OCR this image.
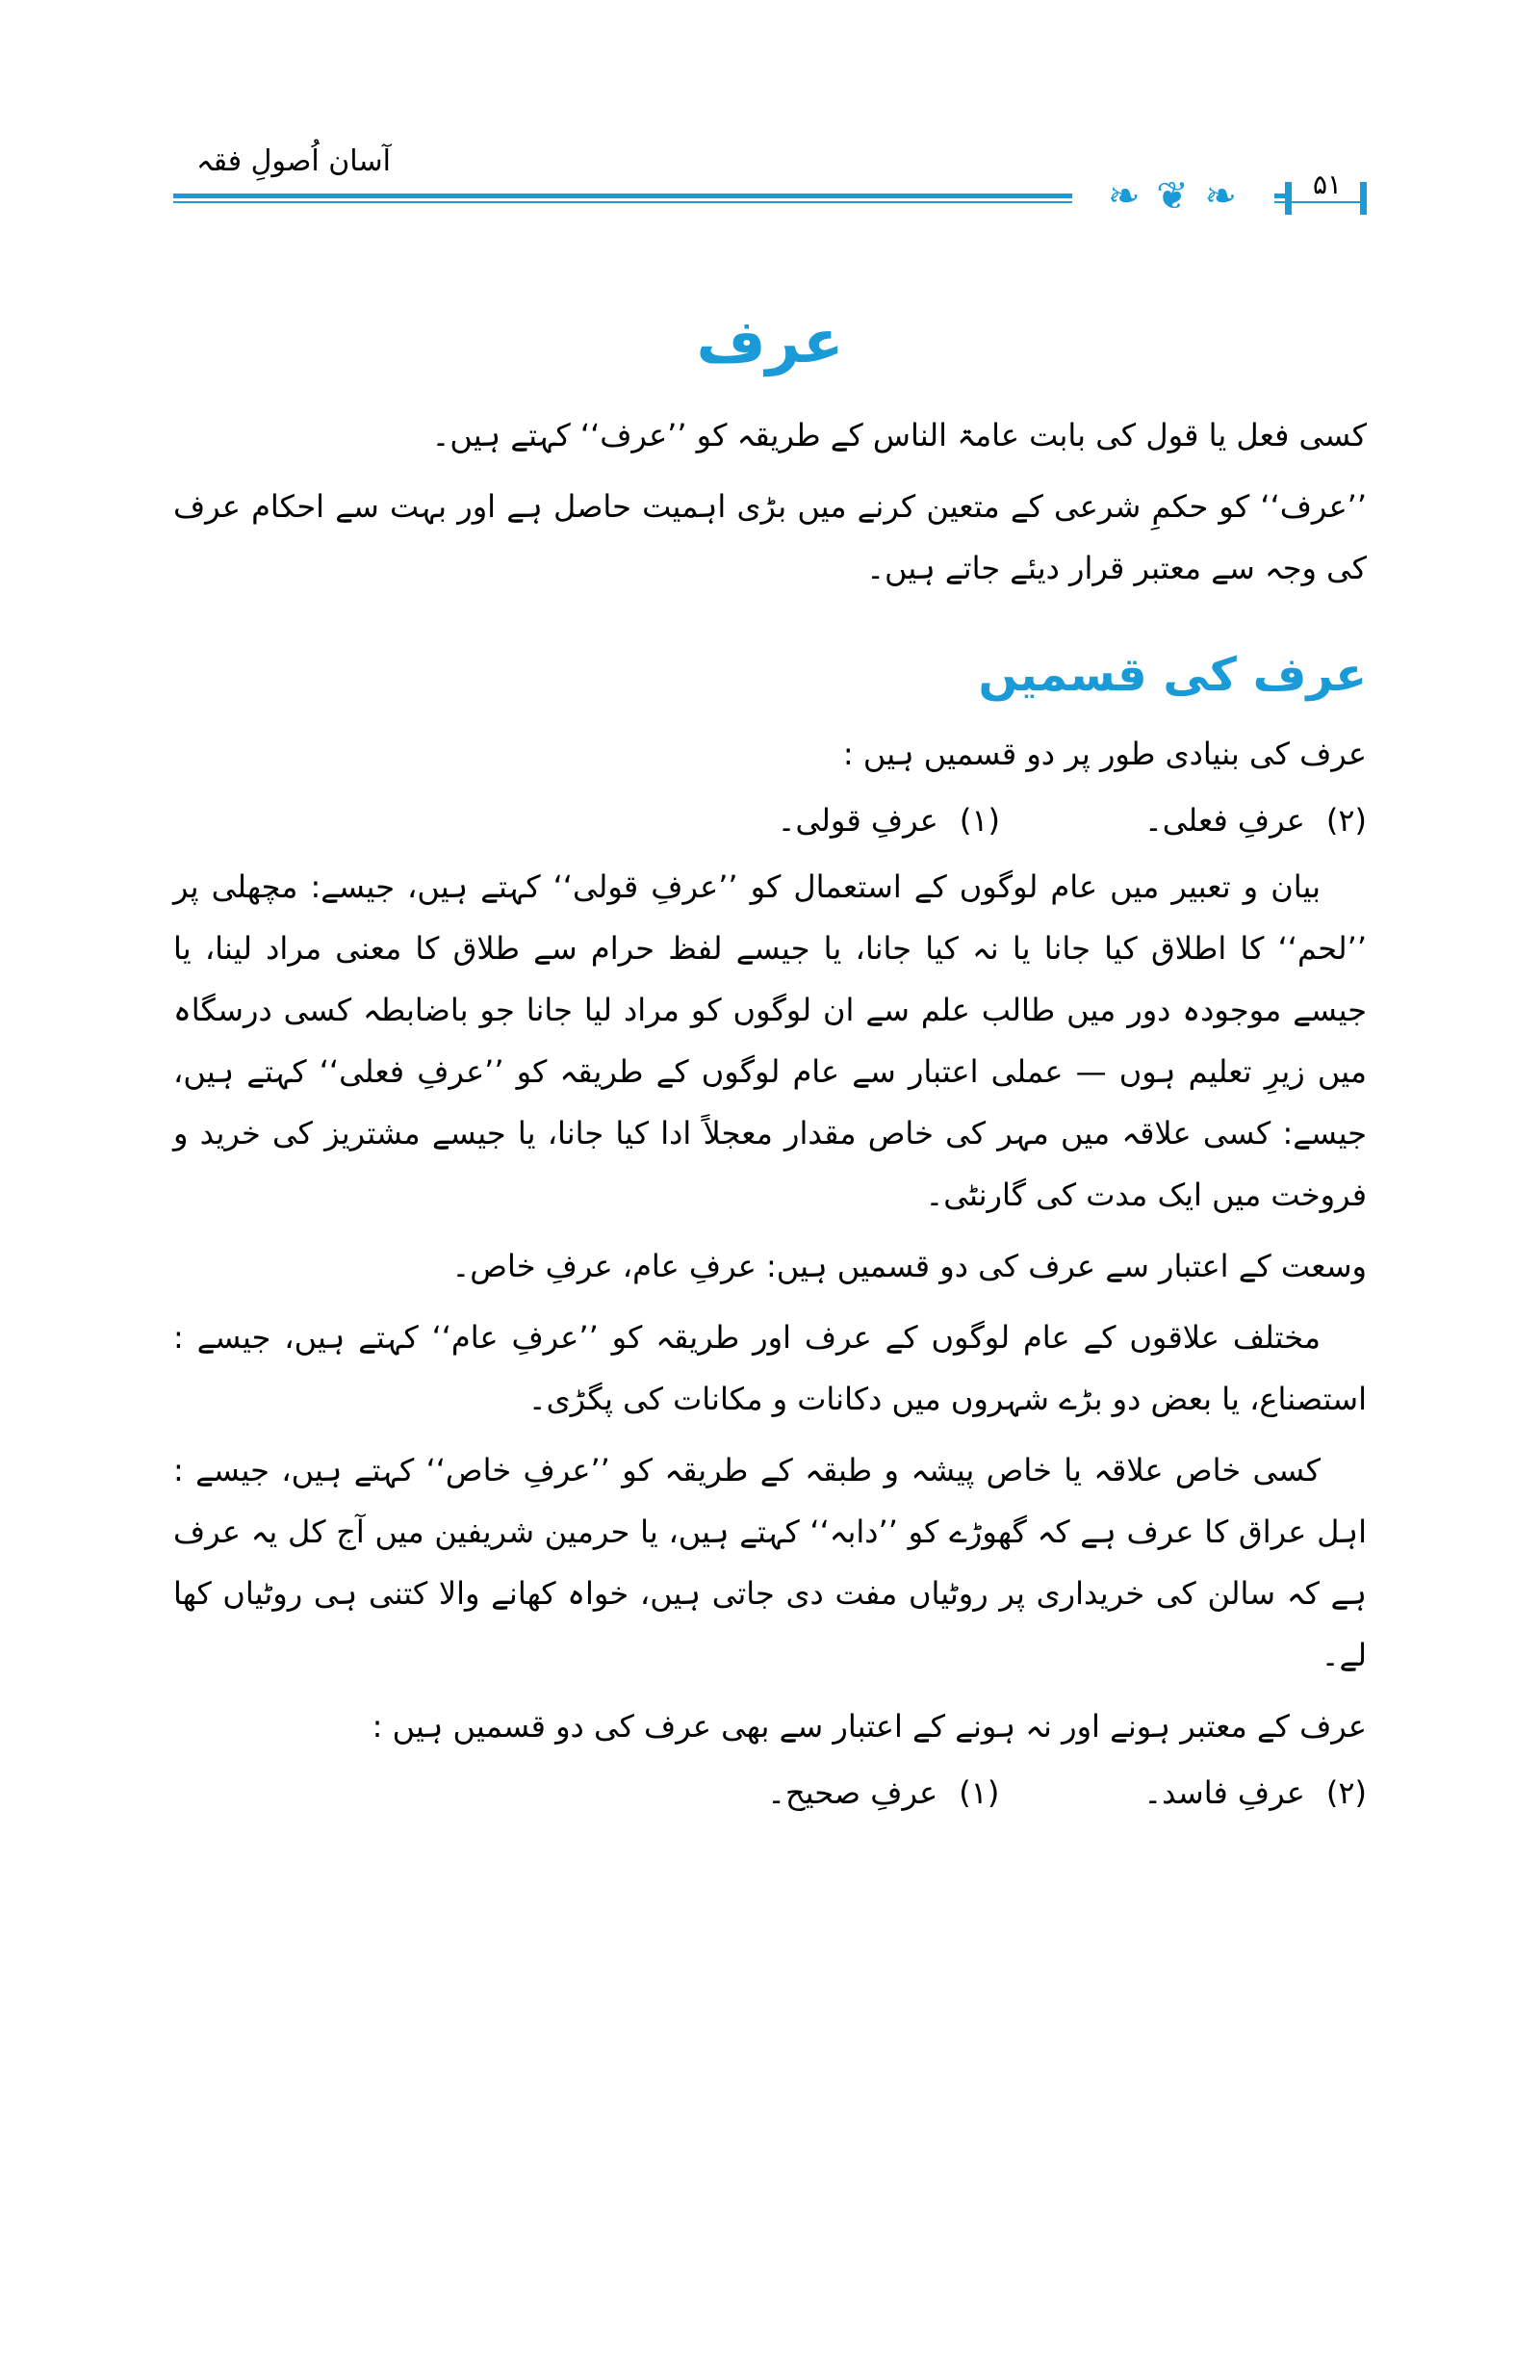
آسان اُصولِ فقہ
❧ ❦ ❧	۵۱
عرف

کسی فعل یا قول کی بابت عامۃ الناس کے طریقہ کو ’’عرف‘‘ کہتے ہیں۔

’’عرف‘‘ کو حکمِ شرعی کے متعین کرنے میں بڑی اہمیت حاصل ہے اور بہت سے احکام عرف کی وجہ سے معتبر قرار دیئے جاتے ہیں۔

عرف کی قسمیں

عرف کی بنیادی طور پر دو قسمیں ہیں :

(۲)عرفِ فعلی۔
(۱)عرفِ قولی۔

بیان و تعبیر میں عام لوگوں کے استعمال کو ’’عرفِ قولی‘‘ کہتے ہیں، جیسے: مچھلی پر ’’لحم‘‘ کا اطلاق کیا جانا یا نہ کیا جانا، یا جیسے لفظ حرام سے طلاق کا معنی مراد لینا، یا جیسے موجودہ دور میں طالب علم سے ان لوگوں کو مراد لیا جانا جو باضابطہ کسی درسگاہ میں زیرِ تعلیم ہوں — عملی اعتبار سے عام لوگوں کے طریقہ کو ’’عرفِ فعلی‘‘ کہتے ہیں، جیسے: کسی علاقہ میں مہر کی خاص مقدار معجلاً ادا کیا جانا، یا جیسے مشتریز کی خرید و فروخت میں ایک مدت کی گارنٹی۔

وسعت کے اعتبار سے عرف کی دو قسمیں ہیں: عرفِ عام، عرفِ خاص۔

مختلف علاقوں کے عام لوگوں کے عرف اور طریقہ کو ’’عرفِ عام‘‘ کہتے ہیں، جیسے : استصناع، یا بعض دو بڑے شہروں میں دکانات و مکانات کی پگڑی۔

کسی خاص علاقہ یا خاص پیشہ و طبقہ کے طریقہ کو ’’عرفِ خاص‘‘ کہتے ہیں، جیسے : اہل عراق کا عرف ہے کہ گھوڑے کو ’’دابہ‘‘ کہتے ہیں، یا حرمین شریفین میں آج کل یہ عرف ہے کہ سالن کی خریداری پر روٹیاں مفت دی جاتی ہیں، خواہ کھانے والا کتنی ہی روٹیاں کھا لے۔

عرف کے معتبر ہونے اور نہ ہونے کے اعتبار سے بھی عرف کی دو قسمیں ہیں :

(۲)عرفِ فاسد۔
(۱)عرفِ صحیح۔
